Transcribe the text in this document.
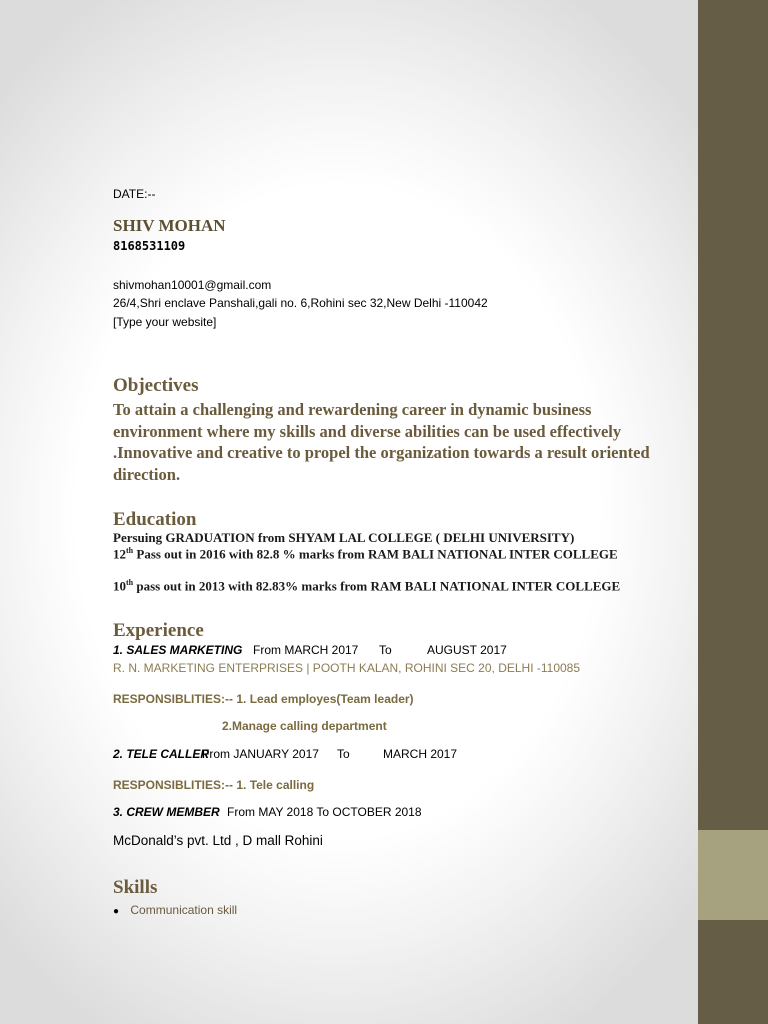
DATE:--
SHIV MOHAN
8168531109
shivmohan10001@gmail.com
26/4,Shri enclave Panshali,gali no. 6,Rohini sec 32,New Delhi -110042
[Type your website]
Objectives
To attain a challenging and rewardening career in dynamic business environment where my skills and diverse abilities can be used effectively .Innovative and creative to propel the organization towards a result oriented direction.
Education
Persuing GRADUATION from SHYAM LAL COLLEGE ( DELHI UNIVERSITY)
12th Pass out in 2016 with 82.8 % marks from RAM BALI NATIONAL INTER COLLEGE
10th pass out in 2013 with 82.83% marks from RAM BALI NATIONAL INTER COLLEGE
Experience
1. SALES MARKETING From MARCH 2017 To	AUGUST 2017
R. N. MARKETING ENTERPRISES | POOTH KALAN, ROHINI SEC 20, DELHI -110085
RESPONSIBLITIES:-- 1. Lead employes(Team leader)
2.Manage calling department
2. TELE CALLER
From JANUARY 2017 To	MARCH 2017
RESPONSIBLITIES:-- 1. Tele calling
3. CREW MEMBER From MAY 2018 To OCTOBER 2018
McDonald’s pvt. Ltd , D mall Rohini
Skills
● Communication skill
